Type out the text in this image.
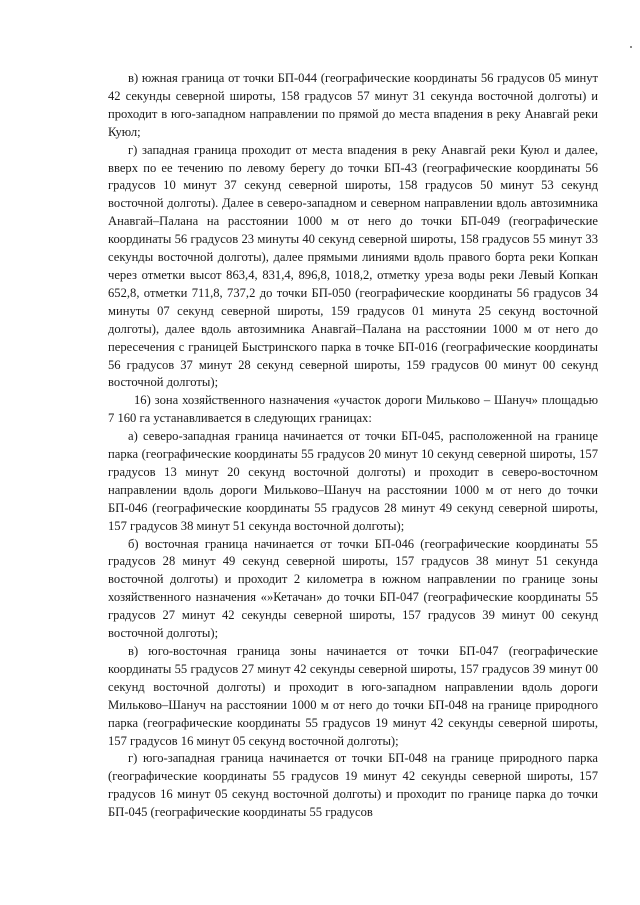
в) южная граница от точки БП-044 (географические координаты 56 градусов 05 минут 42 секунды северной широты, 158 градусов 57 минут 31 секунда восточной долготы) и проходит в юго-западном направлении по прямой до места впадения в реку Анавгай реки Куюл;

г) западная граница проходит от места впадения в реку Анавгай реки Куюл и далее, вверх по ее течению по левому берегу до точки БП-43 (географические координаты 56 градусов 10 минут 37 секунд северной широты, 158 градусов 50 минут 53 секунд восточной долготы). Далее в северо-западном и северном направлении вдоль автозимника Анавгай–Палана на расстоянии 1000 м от него до точки БП-049 (географические координаты 56 градусов 23 минуты 40 секунд северной широты, 158 градусов 55 минут 33 секунды восточной долготы), далее прямыми линиями вдоль правого борта реки Копкан через отметки высот 863,4, 831,4, 896,8, 1018,2, отметку уреза воды реки Левый Копкан 652,8, отметки 711,8, 737,2 до точки БП-050 (географические координаты 56 градусов 34 минуты 07 секунд северной широты, 159 градусов 01 минута 25 секунд восточной долготы), далее вдоль автозимника Анавгай–Палана на расстоянии 1000 м от него до пересечения с границей Быстринского парка в точке БП-016 (географические координаты 56 градусов 37 минут 28 секунд северной широты, 159 градусов 00 минут 00 секунд восточной долготы);

16) зона хозяйственного назначения «участок дороги Мильково – Шануч» площадью 7 160 га устанавливается в следующих границах:

а) северо-западная граница начинается от точки БП-045, расположенной на границе парка (географические координаты 55 градусов 20 минут 10 секунд северной широты, 157 градусов 13 минут 20 секунд восточной долготы) и проходит в северо-восточном направлении вдоль дороги Мильково–Шануч на расстоянии 1000 м от него до точки БП-046 (географические координаты 55 градусов 28 минут 49 секунд северной широты, 157 градусов 38 минут 51 секунда восточной долготы);

б) восточная граница начинается от точки БП-046 (географические координаты 55 градусов 28 минут 49 секунд северной широты, 157 градусов 38 минут 51 секунда восточной долготы) и проходит 2 километра в южном направлении по границе зоны хозяйственного назначения «»Кетачан» до точки БП-047 (географические координаты 55 градусов 27 минут 42 секунды северной широты, 157 градусов 39 минут 00 секунд восточной долготы);

в) юго-восточная граница зоны начинается от точки БП-047 (географические координаты 55 градусов 27 минут 42 секунды северной широты, 157 градусов 39 минут 00 секунд восточной долготы) и проходит в юго-западном направлении вдоль дороги Мильково–Шануч на расстоянии 1000 м от него до точки БП-048 на границе природного парка (географические координаты 55 градусов 19 минут 42 секунды северной широты, 157 градусов 16 минут 05 секунд восточной долготы);

г) юго-западная граница начинается от точки БП-048 на границе природного парка (географические координаты 55 градусов 19 минут 42 секунды северной широты, 157 градусов 16 минут 05 секунд восточной долготы) и проходит по границе парка до точки БП-045 (географические координаты 55 градусов
